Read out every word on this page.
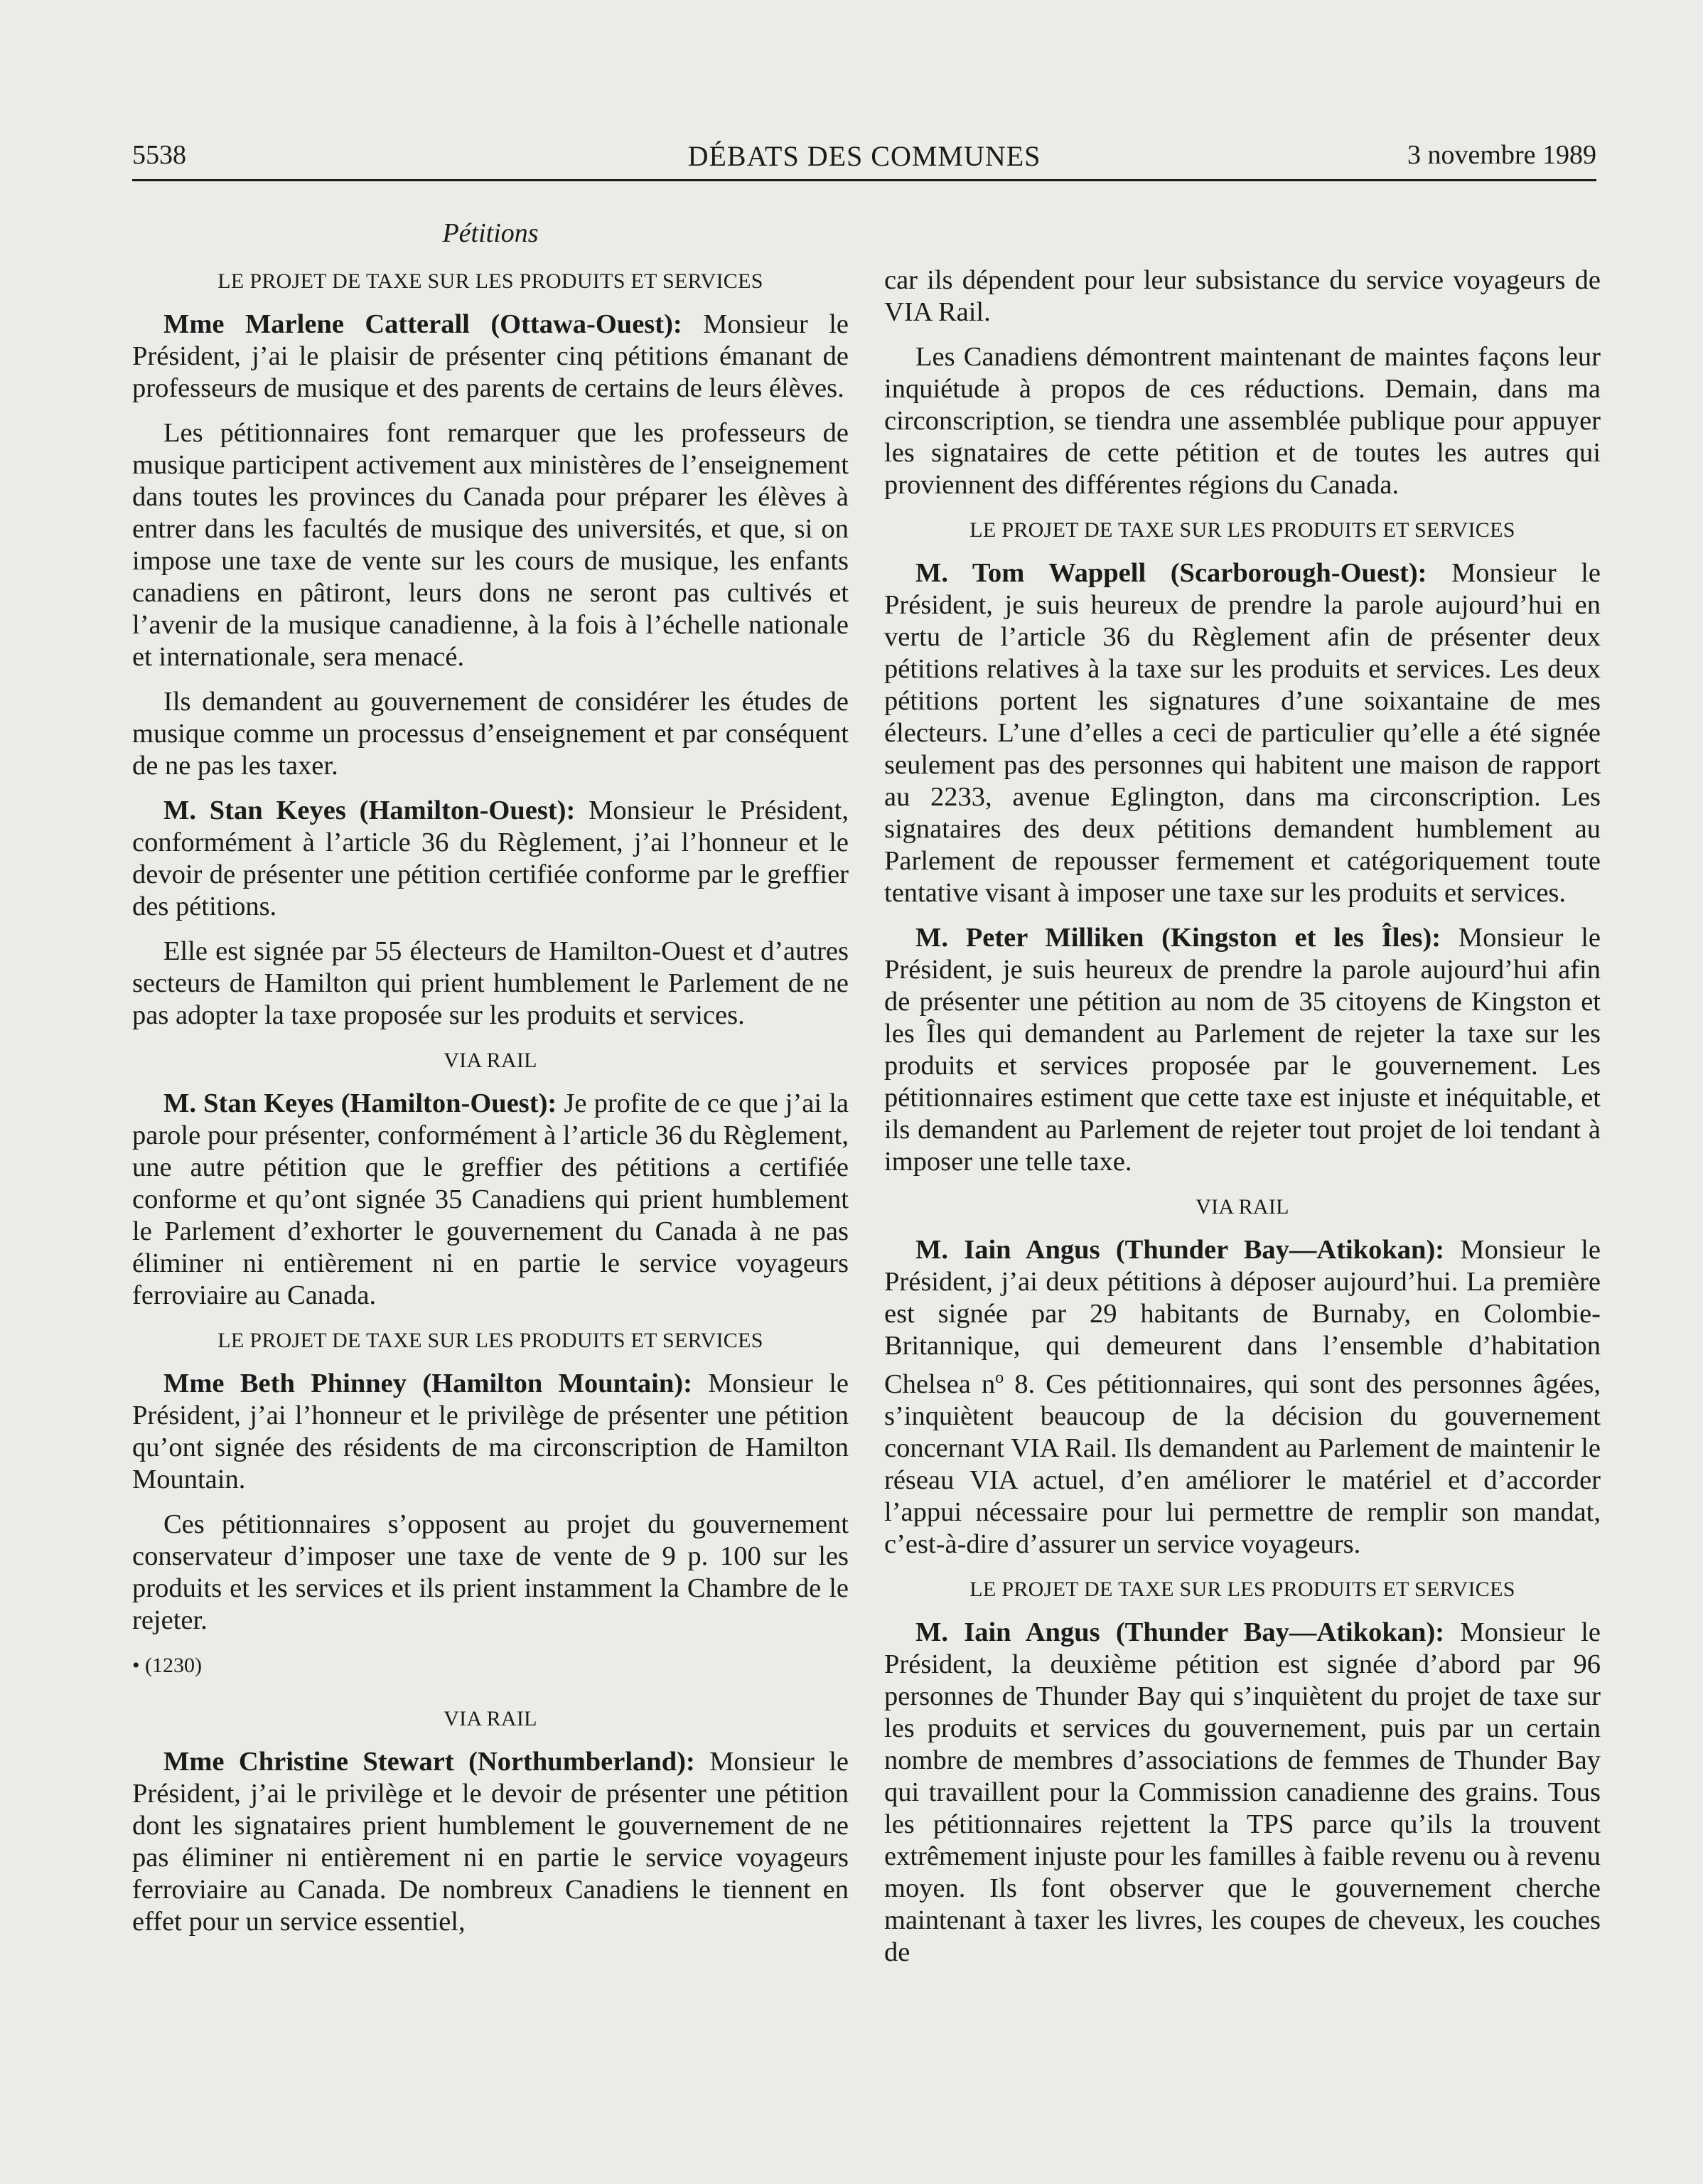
5538	DÉBATS DES COMMUNES	3 novembre 1989
Pétitions
LE PROJET DE TAXE SUR LES PRODUITS ET SERVICES

Mme Marlene Catterall (Ottawa-Ouest): Monsieur le Président, j’ai le plaisir de présenter cinq pétitions émanant de professeurs de musique et des parents de certains de leurs élèves.

Les pétitionnaires font remarquer que les professeurs de musique participent activement aux ministères de l’enseignement dans toutes les provinces du Canada pour préparer les élèves à entrer dans les facultés de musique des universités, et que, si on impose une taxe de vente sur les cours de musique, les enfants canadiens en pâtiront, leurs dons ne seront pas cultivés et l’avenir de la musique canadienne, à la fois à l’échelle nationale et internationale, sera menacé.

Ils demandent au gouvernement de considérer les études de musique comme un processus d’enseignement et par conséquent de ne pas les taxer.

M. Stan Keyes (Hamilton-Ouest): Monsieur le Président, conformément à l’article 36 du Règlement, j’ai l’honneur et le devoir de présenter une pétition certifiée conforme par le greffier des pétitions.

Elle est signée par 55 électeurs de Hamilton-Ouest et d’autres secteurs de Hamilton qui prient humblement le Parlement de ne pas adopter la taxe proposée sur les produits et services.

VIA RAIL

M. Stan Keyes (Hamilton-Ouest): Je profite de ce que j’ai la parole pour présenter, conformément à l’article 36 du Règlement, une autre pétition que le greffier des pétitions a certifiée conforme et qu’ont signée 35 Canadiens qui prient humblement le Parlement d’exhorter le gouvernement du Canada à ne pas éliminer ni entièrement ni en partie le service voyageurs ferroviaire au Canada.

LE PROJET DE TAXE SUR LES PRODUITS ET SERVICES

Mme Beth Phinney (Hamilton Mountain): Monsieur le Président, j’ai l’honneur et le privilège de présenter une pétition qu’ont signée des résidents de ma circonscription de Hamilton Mountain.

Ces pétitionnaires s’opposent au projet du gouvernement conservateur d’imposer une taxe de vente de 9 p. 100 sur les produits et les services et ils prient instamment la Chambre de le rejeter.

• (1230)

VIA RAIL

Mme Christine Stewart (Northumberland): Monsieur le Président, j’ai le privilège et le devoir de présenter une pétition dont les signataires prient humblement le gouvernement de ne pas éliminer ni entièrement ni en partie le service voyageurs ferroviaire au Canada. De nombreux Canadiens le tiennent en effet pour un service essentiel,

car ils dépendent pour leur subsistance du service voyageurs de VIA Rail.

Les Canadiens démontrent maintenant de maintes façons leur inquiétude à propos de ces réductions. Demain, dans ma circonscription, se tiendra une assemblée publique pour appuyer les signataires de cette pétition et de toutes les autres qui proviennent des différentes régions du Canada.

LE PROJET DE TAXE SUR LES PRODUITS ET SERVICES

M. Tom Wappell (Scarborough-Ouest): Monsieur le Président, je suis heureux de prendre la parole aujourd’hui en vertu de l’article 36 du Règlement afin de présenter deux pétitions relatives à la taxe sur les produits et services. Les deux pétitions portent les signatures d’une soixantaine de mes électeurs. L’une d’elles a ceci de particulier qu’elle a été signée seulement pas des personnes qui habitent une maison de rapport au 2233, avenue Eglington, dans ma circonscription. Les signataires des deux pétitions demandent humblement au Parlement de repousser fermement et catégoriquement toute tentative visant à imposer une taxe sur les produits et services.

M. Peter Milliken (Kingston et les Îles): Monsieur le Président, je suis heureux de prendre la parole aujourd’hui afin de présenter une pétition au nom de 35 citoyens de Kingston et les Îles qui demandent au Parlement de rejeter la taxe sur les produits et services proposée par le gouvernement. Les pétitionnaires estiment que cette taxe est injuste et inéquitable, et ils demandent au Parlement de rejeter tout projet de loi tendant à imposer une telle taxe.

VIA RAIL

M. Iain Angus (Thunder Bay—Atikokan): Monsieur le Président, j’ai deux pétitions à déposer aujourd’hui. La première est signée par 29 habitants de Burnaby, en Colombie-Britannique, qui demeurent dans l’ensemble d’habitation Chelsea $n^o$ 8. Ces pétitionnaires, qui sont des personnes âgées, s’inquiètent beaucoup de la décision du gouvernement concernant VIA Rail. Ils demandent au Parlement de maintenir le réseau VIA actuel, d’en améliorer le matériel et d’accorder l’appui nécessaire pour lui permettre de remplir son mandat, c’est-à-dire d’assurer un service voyageurs.

LE PROJET DE TAXE SUR LES PRODUITS ET SERVICES

M. Iain Angus (Thunder Bay—Atikokan): Monsieur le Président, la deuxième pétition est signée d’abord par 96 personnes de Thunder Bay qui s’inquiètent du projet de taxe sur les produits et services du gouvernement, puis par un certain nombre de membres d’associations de femmes de Thunder Bay qui travaillent pour la Commission canadienne des grains. Tous les pétitionnaires rejettent la TPS parce qu’ils la trouvent extrêmement injuste pour les familles à faible revenu ou à revenu moyen. Ils font observer que le gouvernement cherche maintenant à taxer les livres, les coupes de cheveux, les couches de
